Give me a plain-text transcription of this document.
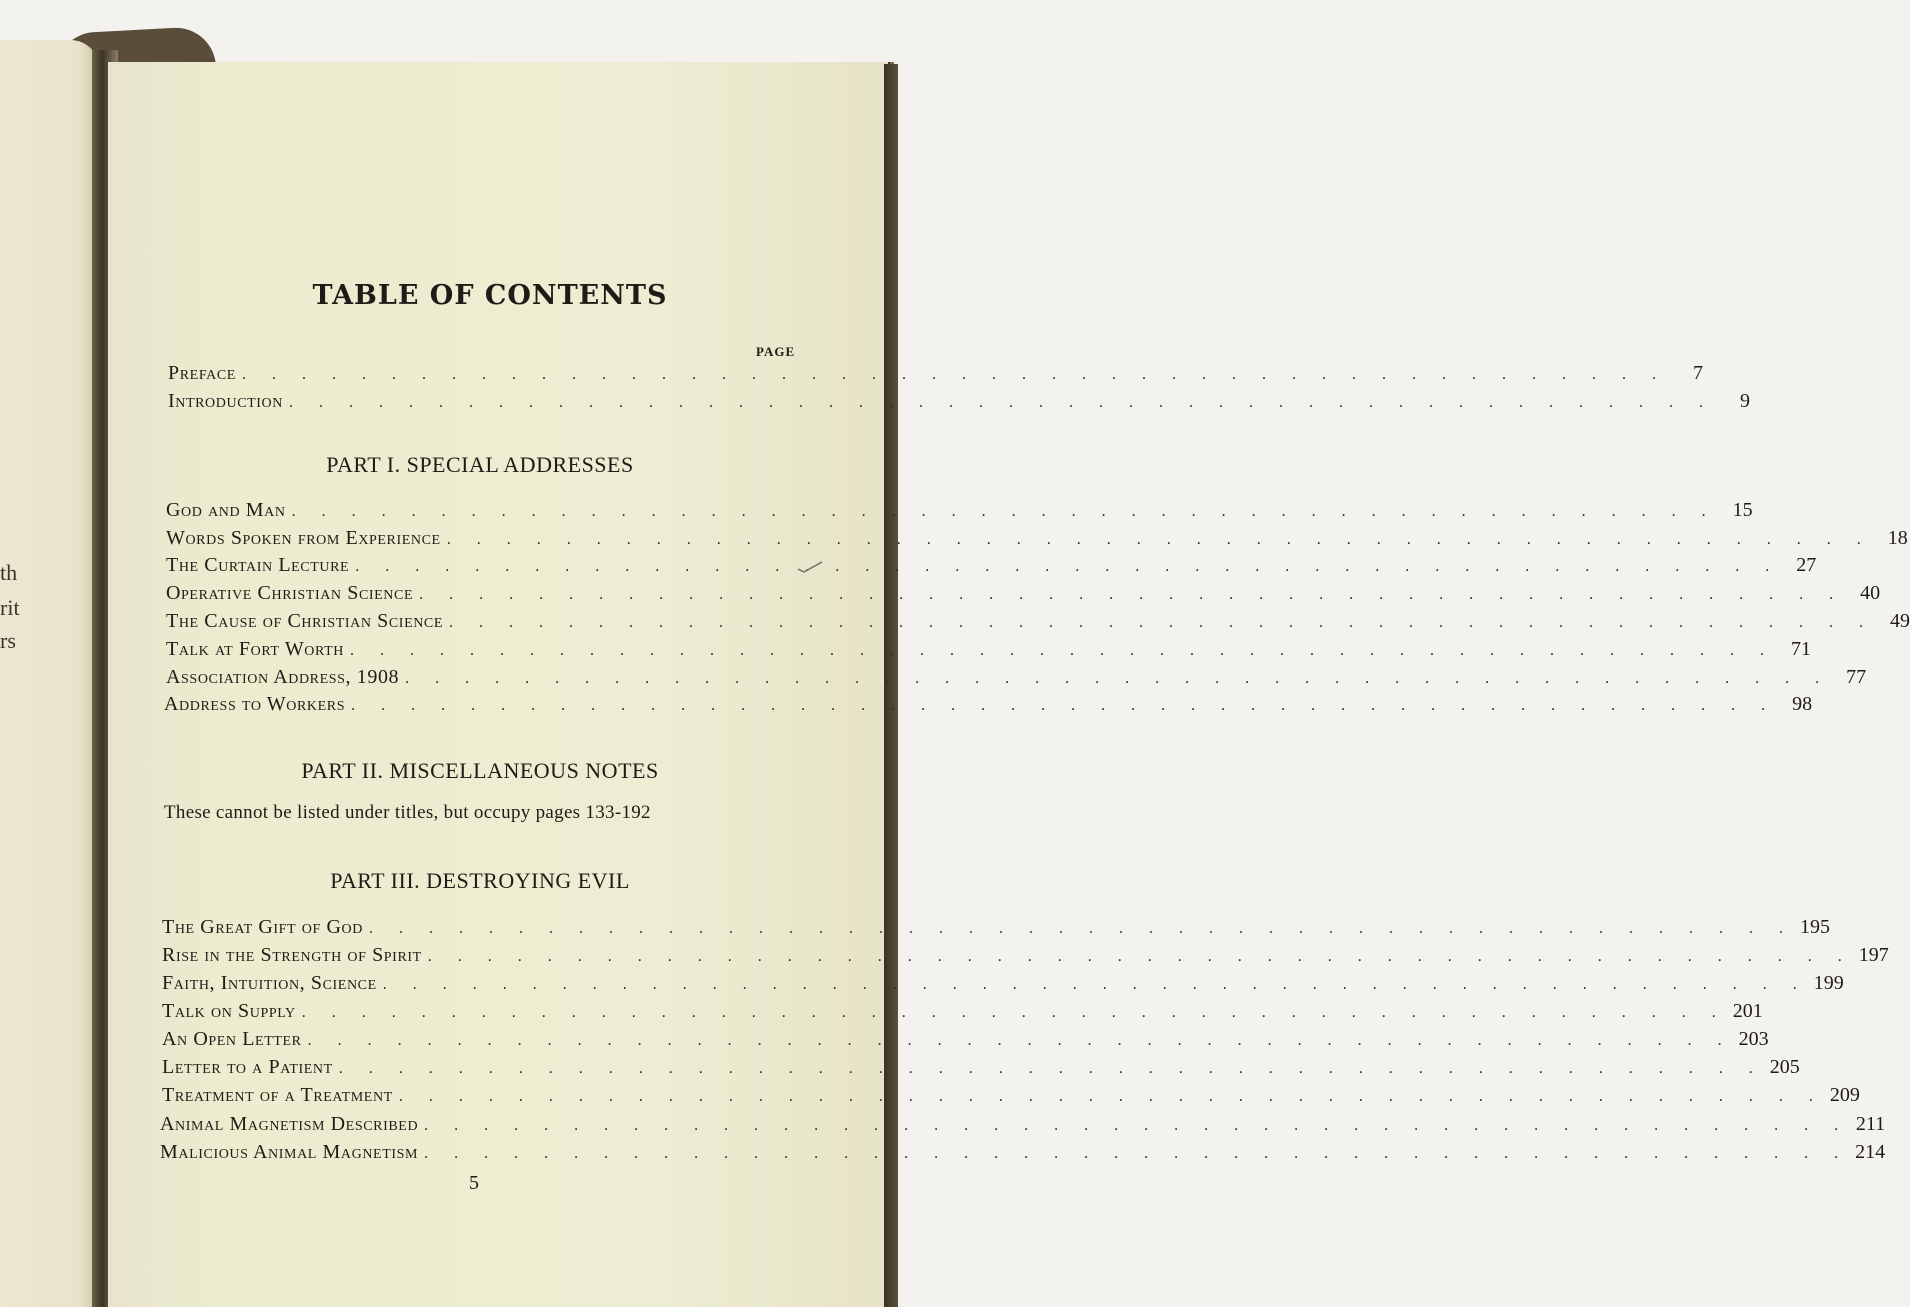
th
rit
rs
TABLE OF CONTENTS
PAGE
Preface . . . . . . . . . . . . . . . . . . . . . . . . . . . . . . . . . . . . . . . . . . . . . . . .	7
Introduction . . . . . . . . . . . . . . . . . . . . . . . . . . . . . . . . . . . . . . . . . . . . . . . .	9
PART I. SPECIAL ADDRESSES
God and Man . . . . . . . . . . . . . . . . . . . . . . . . . . . . . . . . . . . . . . . . . . . . . . . . 15
Words Spoken from Experience . . . . . . . . . . . . . . . . . . . . . . . . . . . . . . . . . . . . . . . . . . . . . . . . 18
The Curtain Lecture . . . . . . . . . . . . . . . . . . . . . . . . . . . . . . . . . . . . . . . . . . . . . . . . 27
Operative Christian Science . . . . . . . . . . . . . . . . . . . . . . . . . . . . . . . . . . . . . . . . . . . . . . . . 40
The Cause of Christian Science . . . . . . . . . . . . . . . . . . . . . . . . . . . . . . . . . . . . . . . . . . . . . . . . 49
Talk at Fort Worth . . . . . . . . . . . . . . . . . . . . . . . . . . . . . . . . . . . . . . . . . . . . . . . . 71
Association Address, 1908 . . . . . . . . . . . . . . . . . . . . . . . . . . . . . . . . . . . . . . . . . . . . . . . . 77
Address to Workers . . . . . . . . . . . . . . . . . . . . . . . . . . . . . . . . . . . . . . . . . . . . . . . . 98
PART II. MISCELLANEOUS NOTES
These cannot be listed under titles, but occupy pages 133-192
PART III. DESTROYING EVIL
The Great Gift of God . . . . . . . . . . . . . . . . . . . . . . . . . . . . . . . . . . . . . . . . . . . . . . . . 195
Rise in the Strength of Spirit . . . . . . . . . . . . . . . . . . . . . . . . . . . . . . . . . . . . . . . . . . . . . . . . 197
Faith, Intuition, Science . . . . . . . . . . . . . . . . . . . . . . . . . . . . . . . . . . . . . . . . . . . . . . . . 199
Talk on Supply . . . . . . . . . . . . . . . . . . . . . . . . . . . . . . . . . . . . . . . . . . . . . . . . 201
An Open Letter . . . . . . . . . . . . . . . . . . . . . . . . . . . . . . . . . . . . . . . . . . . . . . . . 203
Letter to a Patient . . . . . . . . . . . . . . . . . . . . . . . . . . . . . . . . . . . . . . . . . . . . . . . . 205
Treatment of a Treatment . . . . . . . . . . . . . . . . . . . . . . . . . . . . . . . . . . . . . . . . . . . . . . . . 209
Animal Magnetism Described . . . . . . . . . . . . . . . . . . . . . . . . . . . . . . . . . . . . . . . . . . . . . . . . 211
Malicious Animal Magnetism . . . . . . . . . . . . . . . . . . . . . . . . . . . . . . . . . . . . . . . . . . . . . . . . 214
5
